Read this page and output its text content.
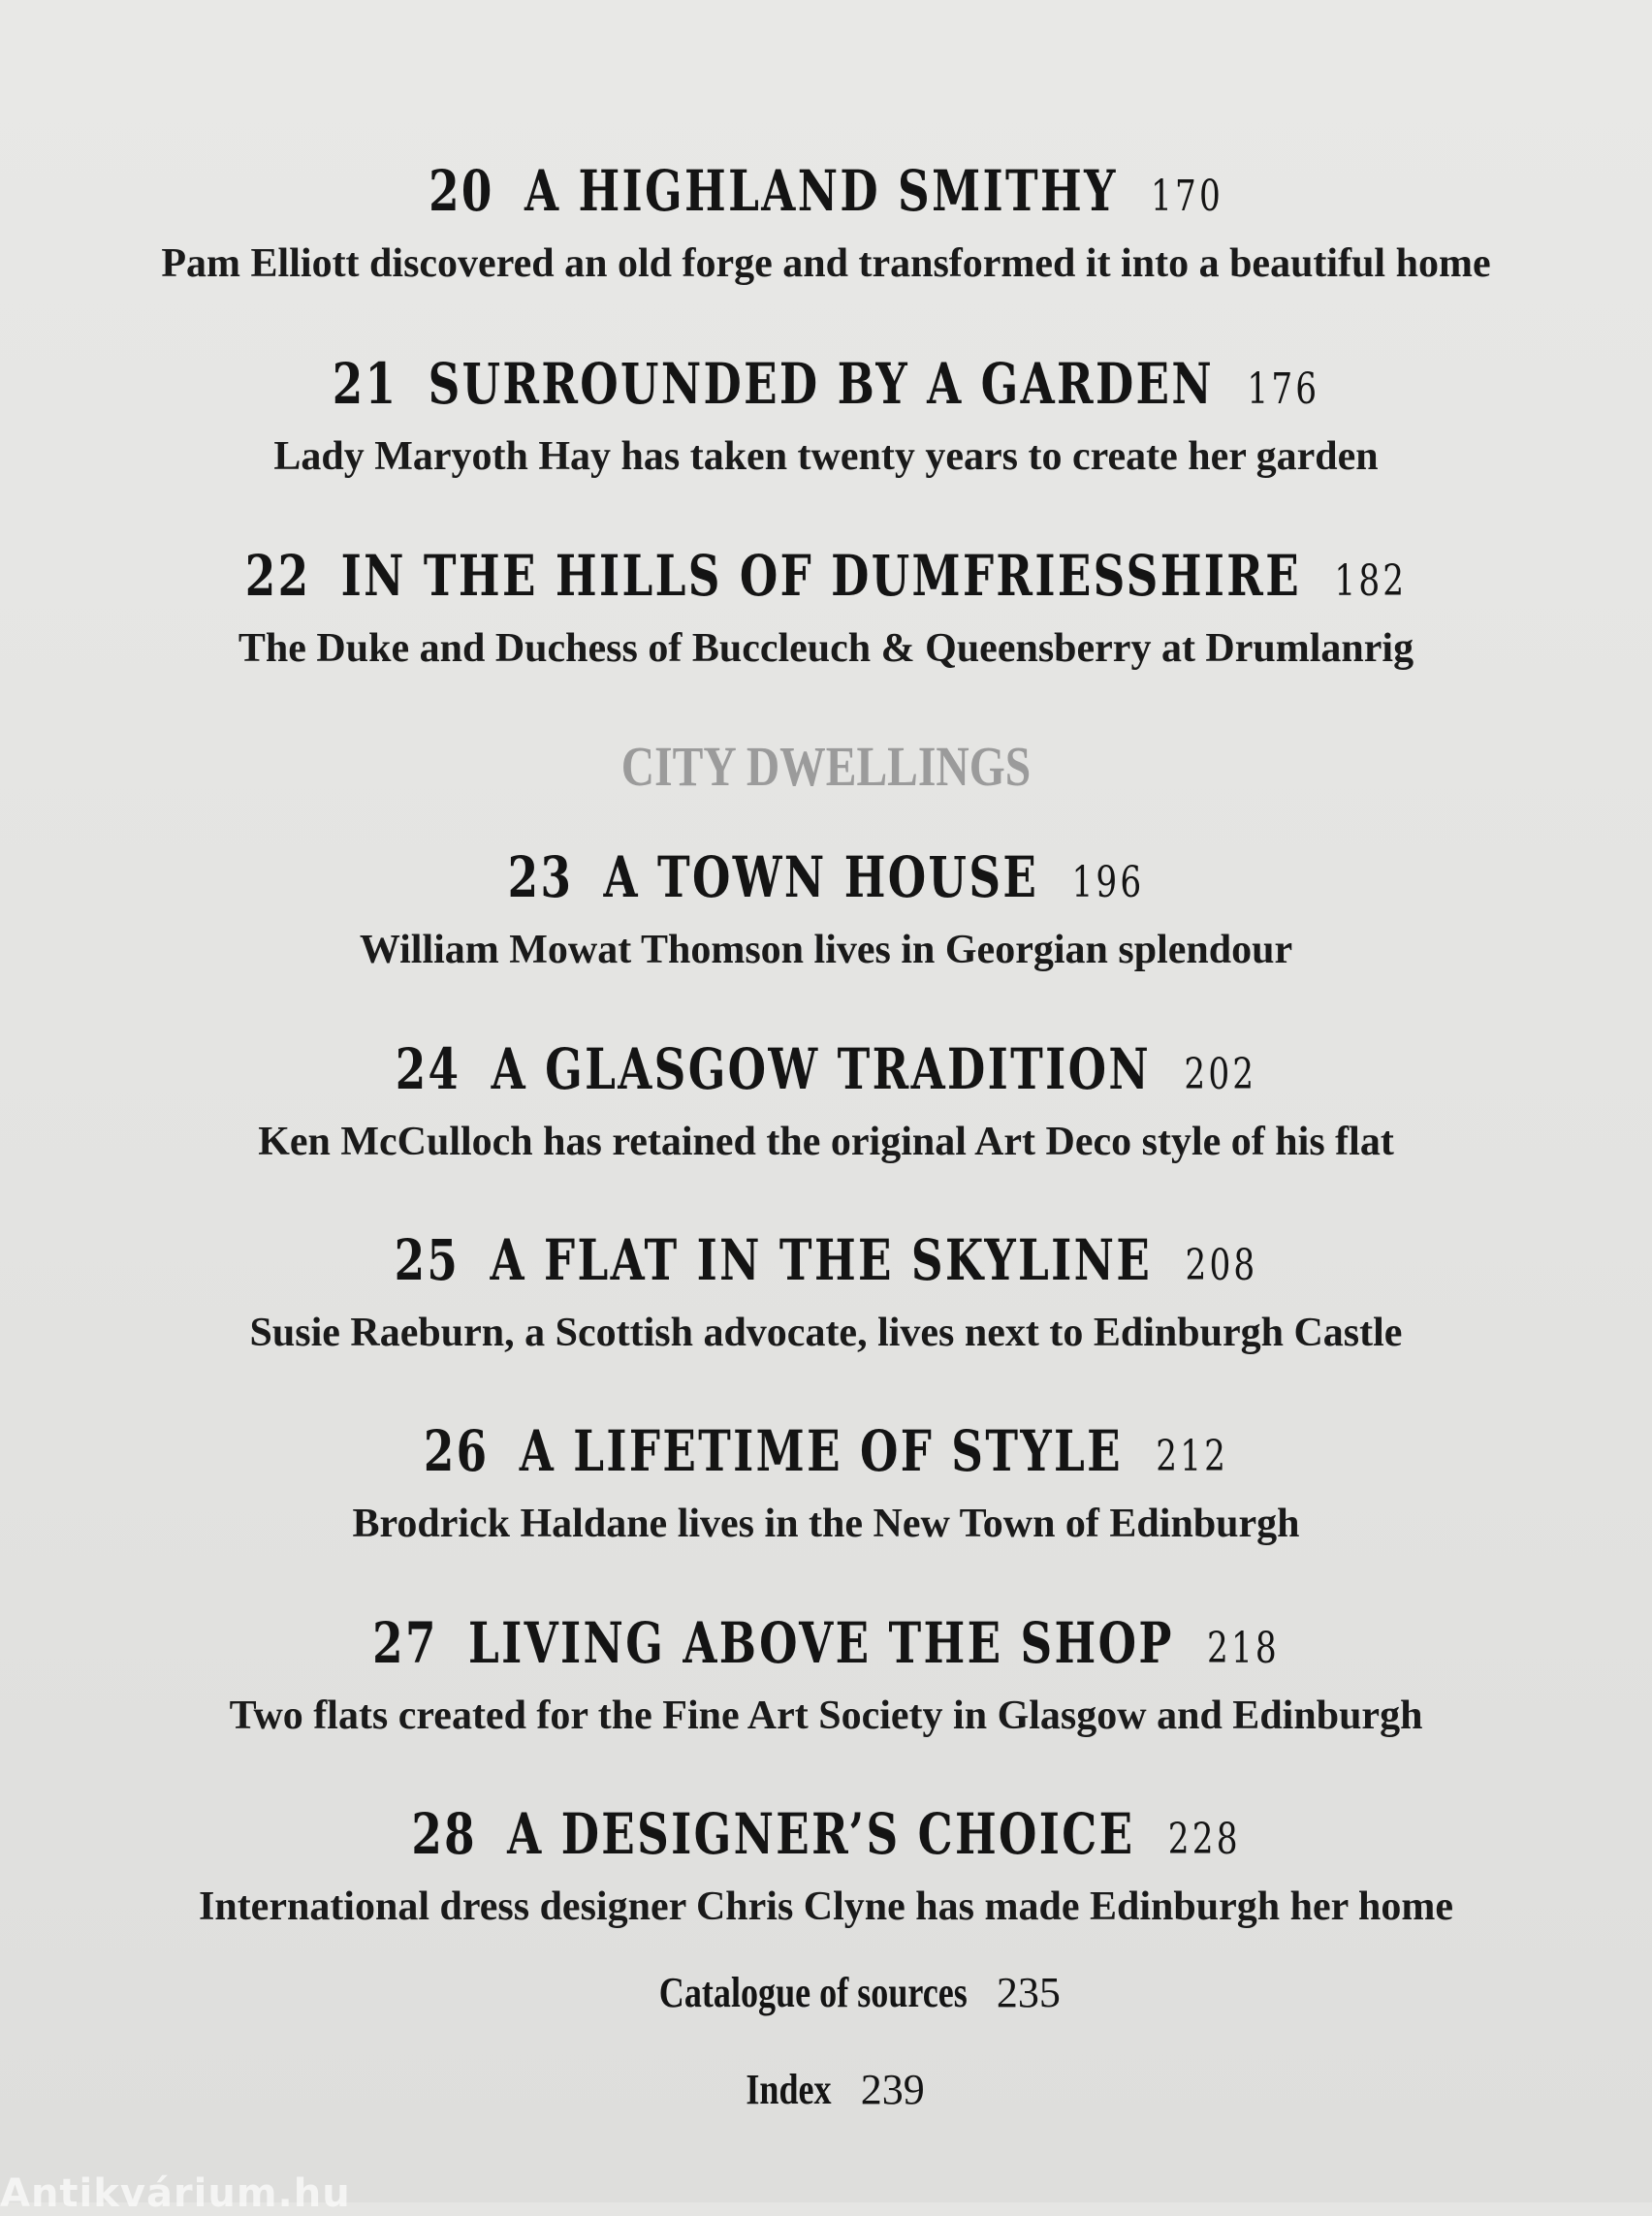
20 A HIGHLAND SMITHY 170
Pam Elliott discovered an old forge and transformed it into a beautiful home
21 SURROUNDED BY A GARDEN 176
Lady Maryoth Hay has taken twenty years to create her garden
22 IN THE HILLS OF DUMFRIESSHIRE 182
The Duke and Duchess of Buccleuch & Queensberry at Drumlanrig
CITY DWELLINGS
23 A TOWN HOUSE 196
William Mowat Thomson lives in Georgian splendour
24 A GLASGOW TRADITION 202
Ken McCulloch has retained the original Art Deco style of his flat
25 A FLAT IN THE SKYLINE 208
Susie Raeburn, a Scottish advocate, lives next to Edinburgh Castle
26 A LIFETIME OF STYLE 212
Brodrick Haldane lives in the New Town of Edinburgh
27 LIVING ABOVE THE SHOP 218
Two flats created for the Fine Art Society in Glasgow and Edinburgh
28 A DESIGNER’S CHOICE 228
International dress designer Chris Clyne has made Edinburgh her home
Catalogue of sources 235
Index 239
Antikvárium.hu
